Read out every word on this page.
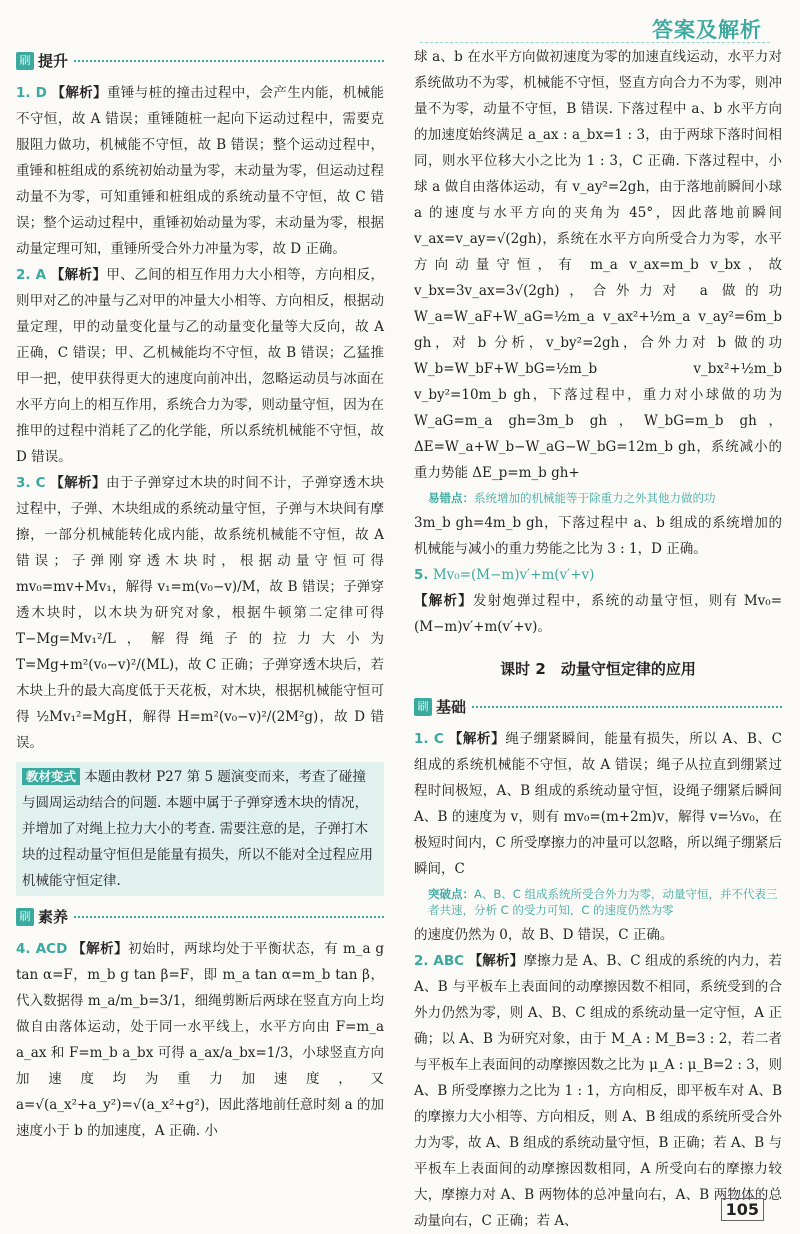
答案及解析
刷 提升

1. D 【解析】重锤与桩的撞击过程中，会产生内能，机械能不守恒，故 A 错误；重锤随桩一起向下运动过程中，需要克服阻力做功，机械能不守恒，故 B 错误；整个运动过程中，重锤和桩组成的系统初始动量为零，末动量为零，但运动过程动量不为零，可知重锤和桩组成的系统动量不守恒，故 C 错误；整个运动过程中，重锤初始动量为零，末动量为零，根据动量定理可知，重锤所受合外力冲量为零，故 D 正确。

2. A 【解析】甲、乙间的相互作用力大小相等，方向相反，则甲对乙的冲量与乙对甲的冲量大小相等、方向相反，根据动量定理，甲的动量变化量与乙的动量变化量等大反向，故 A 正确，C 错误；甲、乙机械能均不守恒，故 B 错误；乙猛推甲一把，使甲获得更大的速度向前冲出，忽略运动员与冰面在水平方向上的相互作用，系统合力为零，则动量守恒，因为在推甲的过程中消耗了乙的化学能，所以系统机械能不守恒，故 D 错误。

3. C 【解析】由于子弹穿过木块的时间不计，子弹穿透木块过程中，子弹、木块组成的系统动量守恒，子弹与木块间有摩擦，一部分机械能转化成内能，故系统机械能不守恒，故 A 错误；子弹刚穿透木块时，根据动量守恒可得 mv₀=mv+Mv₁，解得 v₁=m(v₀−v)/M，故 B 错误；子弹穿透木块时，以木块为研究对象，根据牛顿第二定律可得 T−Mg=Mv₁²/L，解得绳子的拉力大小为 T=Mg+m²(v₀−v)²/(ML)，故 C 正确；子弹穿透木块后，若木块上升的最大高度低于天花板，对木块，根据机械能守恒可得 ½Mv₁²=MgH，解得 H=m²(v₀−v)²/(2M²g)，故 D 错误。

教材变式 本题由教材 P27 第 5 题演变而来，考查了碰撞与圆周运动结合的问题. 本题中属于子弹穿透木块的情况，并增加了对绳上拉力大小的考查. 需要注意的是，子弹打木块的过程动量守恒但是能量有损失，所以不能对全过程应用机械能守恒定律.
刷 素养

4. ACD 【解析】初始时，两球均处于平衡状态，有 m_a g tan α=F，m_b g tan β=F，即 m_a tan α=m_b tan β，代入数据得 m_a/m_b=3/1，细绳剪断后两球在竖直方向上均做自由落体运动，处于同一水平线上，水平方向由 F=m_a a_ax 和 F=m_b a_bx 可得 a_ax/a_bx=1/3，小球竖直方向加速度均为重力加速度，又 a=√(a_x²+a_y²)=√(a_x²+g²)，因此落地前任意时刻 a 的加速度小于 b 的加速度，A 正确. 小

球 a、b 在水平方向做初速度为零的加速直线运动，水平力对系统做功不为零，机械能不守恒，竖直方向合力不为零，则冲量不为零，动量不守恒，B 错误. 下落过程中 a、b 水平方向的加速度始终满足 a_ax : a_bx=1 : 3，由于两球下落时间相同，则水平位移大小之比为 1 : 3，C 正确. 下落过程中，小球 a 做自由落体运动，有 v_ay²=2gh，由于落地前瞬间小球 a 的速度与水平方向的夹角为 45°，因此落地前瞬间 v_ax=v_ay=√(2gh)，系统在水平方向所受合力为零，水平方向动量守恒，有 m_a v_ax=m_b v_bx，故 v_bx=3v_ax=3√(2gh)，合外力对 a 做的功 W_a=W_aF+W_aG=½m_a v_ax²+½m_a v_ay²=6m_b gh，对 b 分析，v_by²=2gh，合外力对 b 做的功 W_b=W_bF+W_bG=½m_b v_bx²+½m_b v_by²=10m_b gh，下落过程中，重力对小球做的功为 W_aG=m_a gh=3m_b gh，W_bG=m_b gh，ΔE=W_a+W_b−W_aG−W_bG=12m_b gh，系统减小的重力势能 ΔE_p=m_b gh+

易错点：系统增加的机械能等于除重力之外其他力做的功

3m_b gh=4m_b gh，下落过程中 a、b 组成的系统增加的机械能与减小的重力势能之比为 3 : 1，D 正确。

5. Mv₀=(M−m)v′+m(v′+v)

【解析】发射炮弹过程中，系统的动量守恒，则有 Mv₀=(M−m)v′+m(v′+v)。

课时 2　动量守恒定律的应用
刷 基础

1. C 【解析】绳子绷紧瞬间，能量有损失，所以 A、B、C 组成的系统机械能不守恒，故 A 错误；绳子从拉直到绷紧过程时间极短，A、B 组成的系统动量守恒，设绳子绷紧后瞬间 A、B 的速度为 v，则有 mv₀=(m+2m)v，解得 v=⅓v₀，在极短时间内，C 所受摩擦力的冲量可以忽略，所以绳子绷紧后瞬间，C

突破点：A、B、C 组成系统所受合外力为零，动量守恒，并不代表三者共速，分析 C 的受力可知，C 的速度仍然为零

的速度仍然为 0，故 B、D 错误，C 正确。

2. ABC 【解析】摩擦力是 A、B、C 组成的系统的内力，若 A、B 与平板车上表面间的动摩擦因数不相同，系统受到的合外力仍然为零，则 A、B、C 组成的系统动量一定守恒，A 正确；以 A、B 为研究对象，由于 M_A : M_B=3 : 2，若二者与平板车上表面间的动摩擦因数之比为 μ_A : μ_B=2 : 3，则 A、B 所受摩擦力之比为 1 : 1，方向相反，即平板车对 A、B 的摩擦力大小相等、方向相反，则 A、B 组成的系统所受合外力为零，故 A、B 组成的系统动量守恒，B 正确；若 A、B 与平板车上表面间的动摩擦因数相同，A 所受向右的摩擦力较大，摩擦力对 A、B 两物体的总冲量向右，A、B 两物体的总动量向右，C 正确；若 A、

105
